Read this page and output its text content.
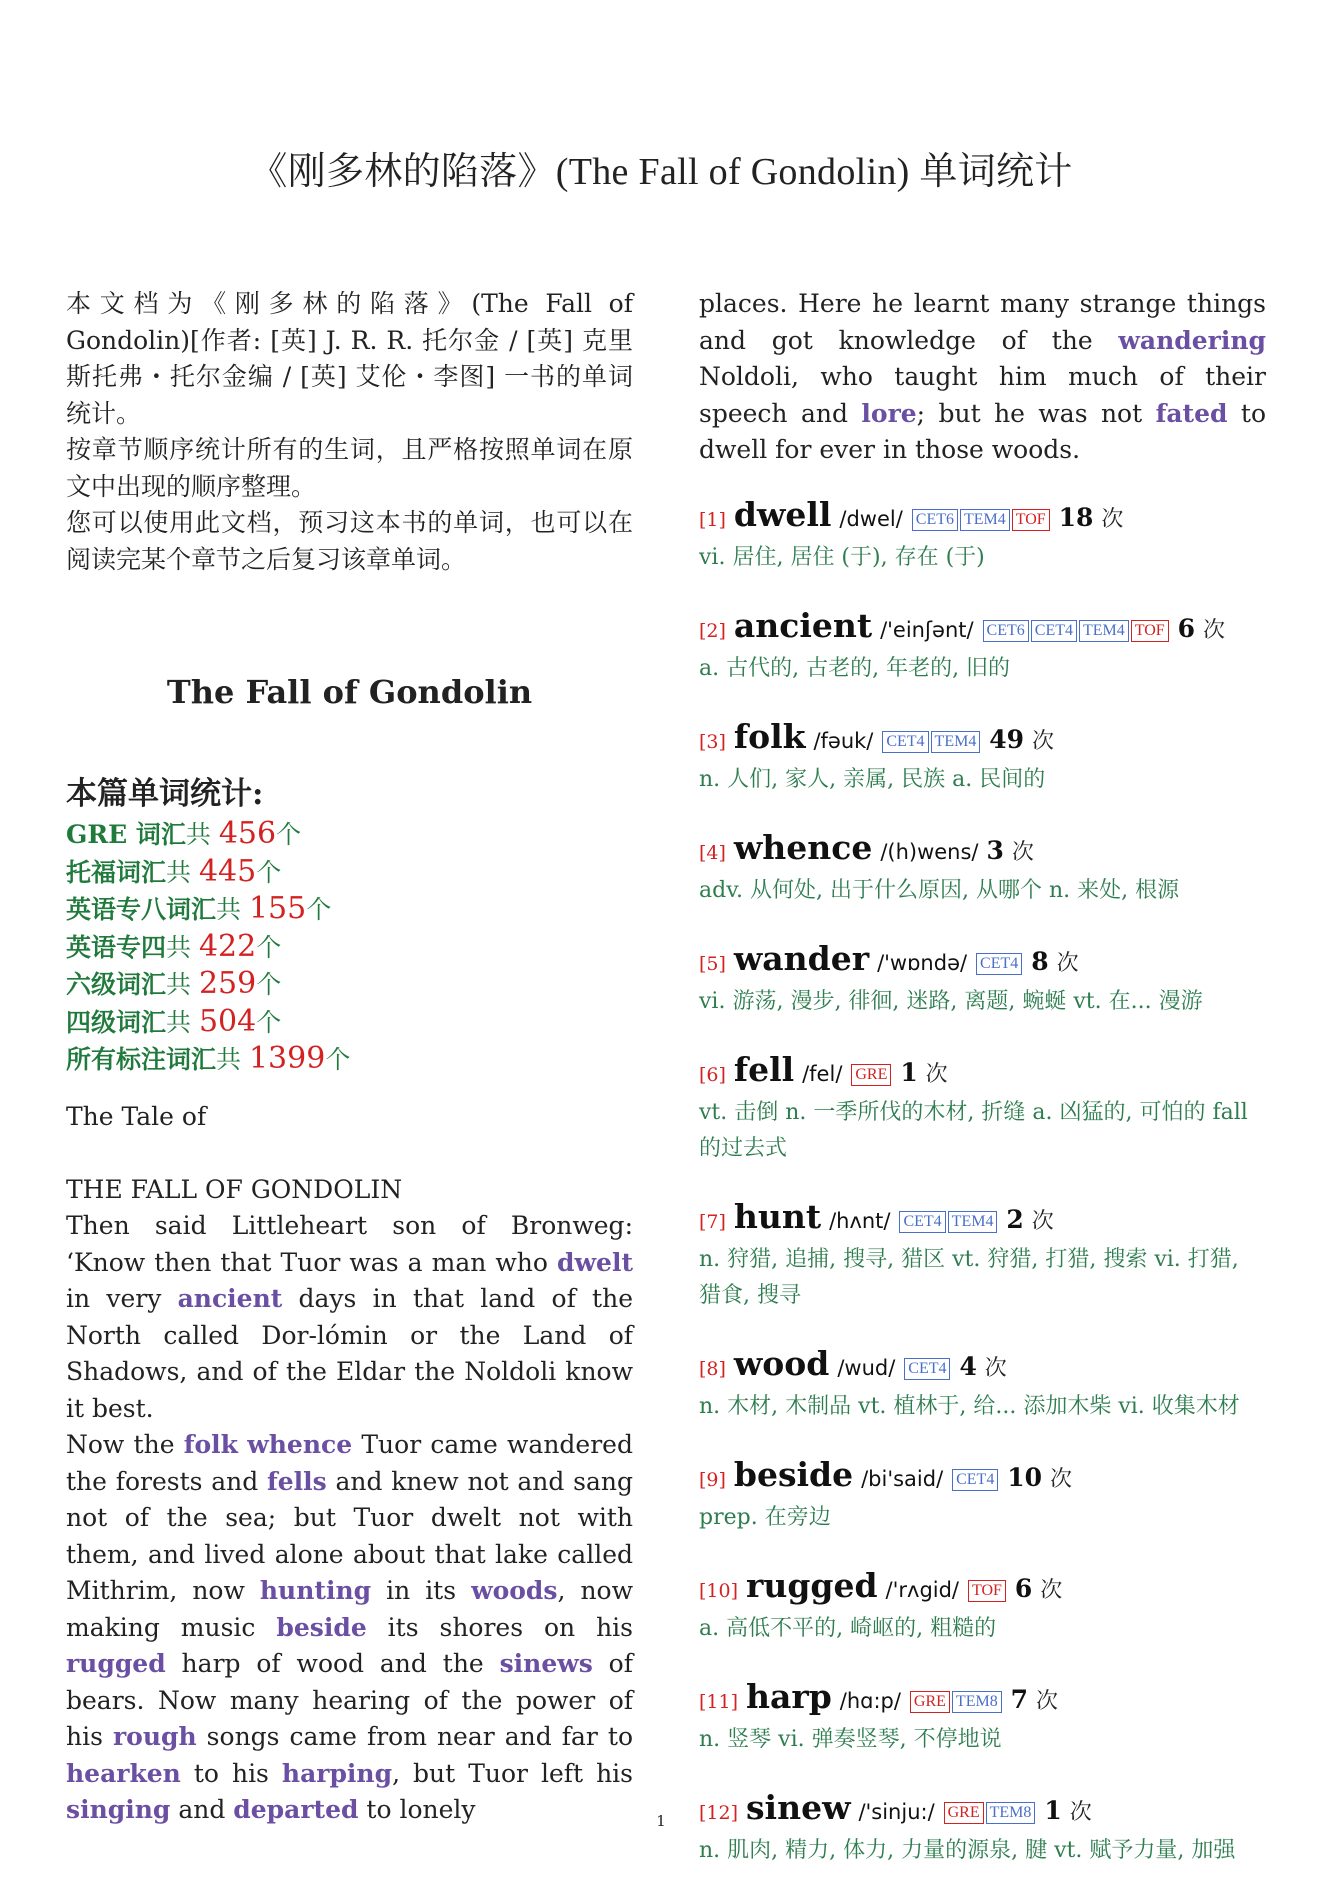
《刚多林的陷落》(The Fall of Gondolin) 单词统计

本文档为《刚多林的陷落》(The Fall of Gondolin)[作者: [英] J. R. R. 托尔金 / [英] 克里斯托弗・托尔金编 / [英] 艾伦・李图] 一书的单词统计。

按章节顺序统计所有的生词，且严格按照单词在原文中出现的顺序整理。

您可以使用此文档，预习这本书的单词，也可以在阅读完某个章节之后复习该章单词。

The Fall of Gondolin
本篇单词统计:
GRE 词汇共 456个
托福词汇共 445个
英语专八词汇共 155个
英语专四共 422个
六级词汇共 259个
四级词汇共 504个
所有标注词汇共 1399个

The Tale of

THE FALL OF GONDOLIN

Then said Littleheart son of Bronweg: ‘Know then that Tuor was a man who dwelt in very ancient days in that land of the North called Dor-lómin or the Land of Shadows, and of the Eldar the Noldoli know it best.

Now the folk whence Tuor came wandered the forests and fells and knew not and sang not of the sea; but Tuor dwelt not with them, and lived alone about that lake called Mithrim, now hunting in its woods, now making music beside its shores on his rugged harp of wood and the sinews of bears. Now many hearing of the power of his rough songs came from near and far to hearken to his harping, but Tuor left his singing and departed to lonely

places. Here he learnt many strange things and got knowledge of the wandering Noldoli, who taught him much of their speech and lore; but he was not fated to dwell for ever in those woods.

[1] dwell /dwel/ CET6 TEM4 TOF 18 次
vi. 居住, 居住 (于), 存在 (于)
[2] ancient /'einʃənt/ CET6 CET4 TEM4 TOF 6 次
a. 古代的, 古老的, 年老的, 旧的
[3] folk /fəuk/ CET4 TEM4 49 次
n. 人们, 家人, 亲属, 民族 a. 民间的
[4] whence /(h)wens/ 3 次
adv. 从何处, 出于什么原因, 从哪个 n. 来处, 根源
[5] wander /'wɒndə/ CET4 8 次
vi. 游荡, 漫步, 徘徊, 迷路, 离题, 蜿蜒 vt. 在... 漫游
[6] fell /fel/ GRE 1 次
vt. 击倒 n. 一季所伐的木材, 折缝 a. 凶猛的, 可怕的 fall 的过去式
[7] hunt /hʌnt/ CET4 TEM4 2 次
n. 狩猎, 追捕, 搜寻, 猎区 vt. 狩猎, 打猎, 搜索 vi. 打猎, 猎食, 搜寻
[8] wood /wud/ CET4 4 次
n. 木材, 木制品 vt. 植林于, 给... 添加木柴 vi. 收集木材
[9] beside /bi'said/ CET4 10 次
prep. 在旁边
[10] rugged /'rʌgid/ TOF 6 次
a. 高低不平的, 崎岖的, 粗糙的
[11] harp /hɑ:p/ GRE TEM8 7 次
n. 竖琴 vi. 弹奏竖琴, 不停地说
[12] sinew /'sinju:/ GRE TEM8 1 次
n. 肌肉, 精力, 体力, 力量的源泉, 腱 vt. 赋予力量, 加强
1
